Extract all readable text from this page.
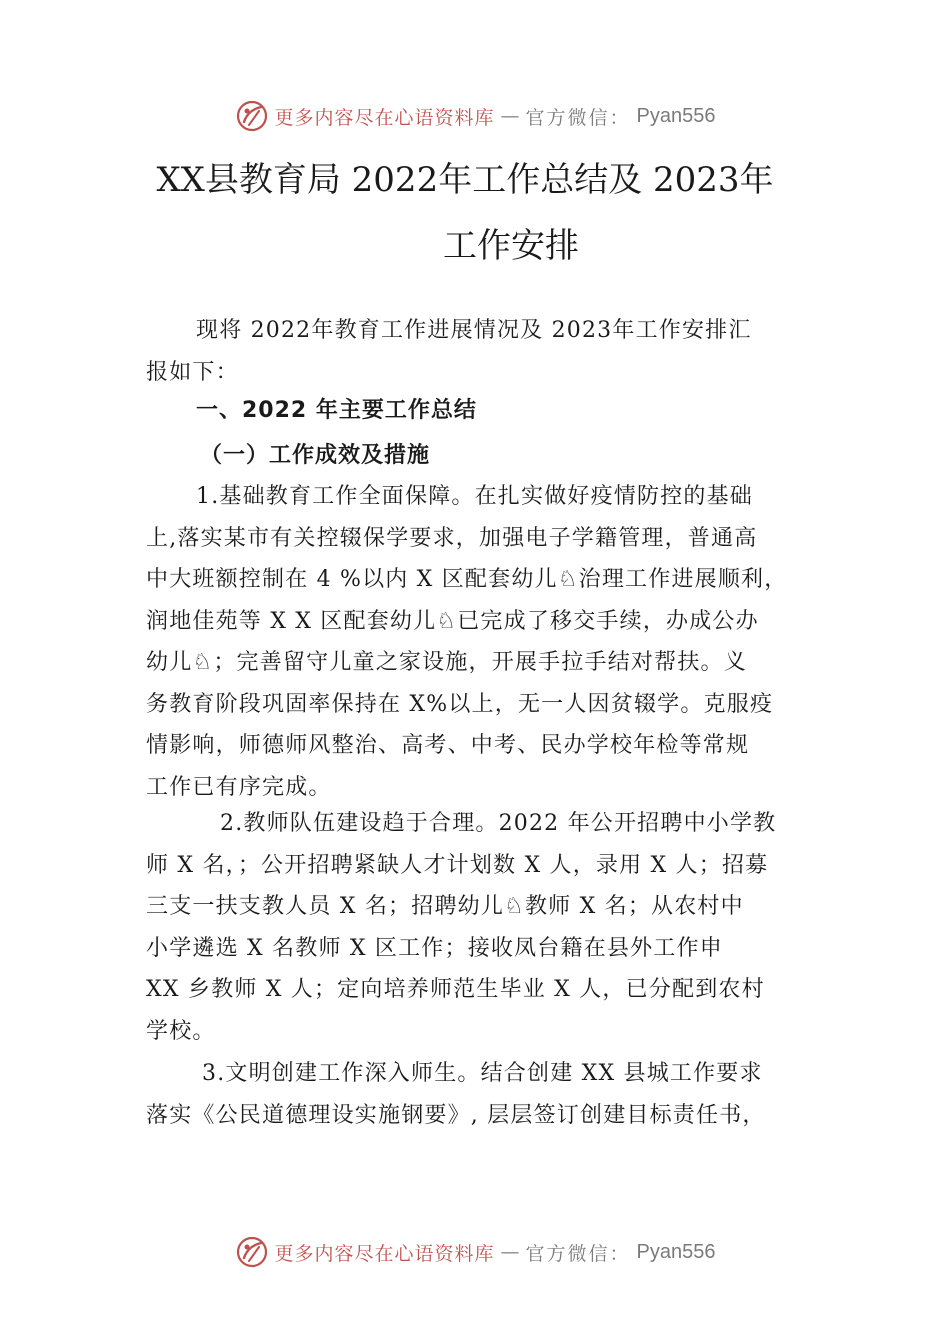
更多内容尽在心语资料库 — 官方微信： Pyan556
XX县教育局 2022年工作总结及 2023年
工作安排
现将 2022年教育工作进展情况及 2023年工作安排汇
报如下：
一、2022 年主要工作总结
（一）工作成效及措施
1.基础教育工作全面保障。在扎实做好疫情防控的基础
上,落实某市有关控辍保学要求，加强电子学籍管理，普通高
中大班额控制在 4 %以内 X 区配套幼儿♘治理工作进展顺利，
润地佳苑等 X X 区配套幼儿♘已完成了移交手续，办成公办
幼儿♘；完善留守儿童之家设施，开展手拉手结对帮扶。义
务教育阶段巩固率保持在 X%以上，无一人因贫辍学。克服疫
情影响，师德师风整治、高考、中考、民办学校年检等常规
工作已有序完成。
2.教师队伍建设趋于合理。2022 年公开招聘中小学教
师 X 名，；公开招聘紧缺人才计划数 X 人，录用 X 人；招募
三支一扶支教人员 X 名；招聘幼儿♘教师 X 名；从农村中
小学遴选 X 名教师 X 区工作；接收凤台籍在县外工作申
XX 乡教师 X 人；定向培养师范生毕业 X 人，已分配到农村
学校。
3.文明创建工作深入师生。结合创建 XX 县城工作要求
落实《公民道德理设实施钢要》, 层层签订创建目标责任书，
更多内容尽在心语资料库 — 官方微信： Pyan556
